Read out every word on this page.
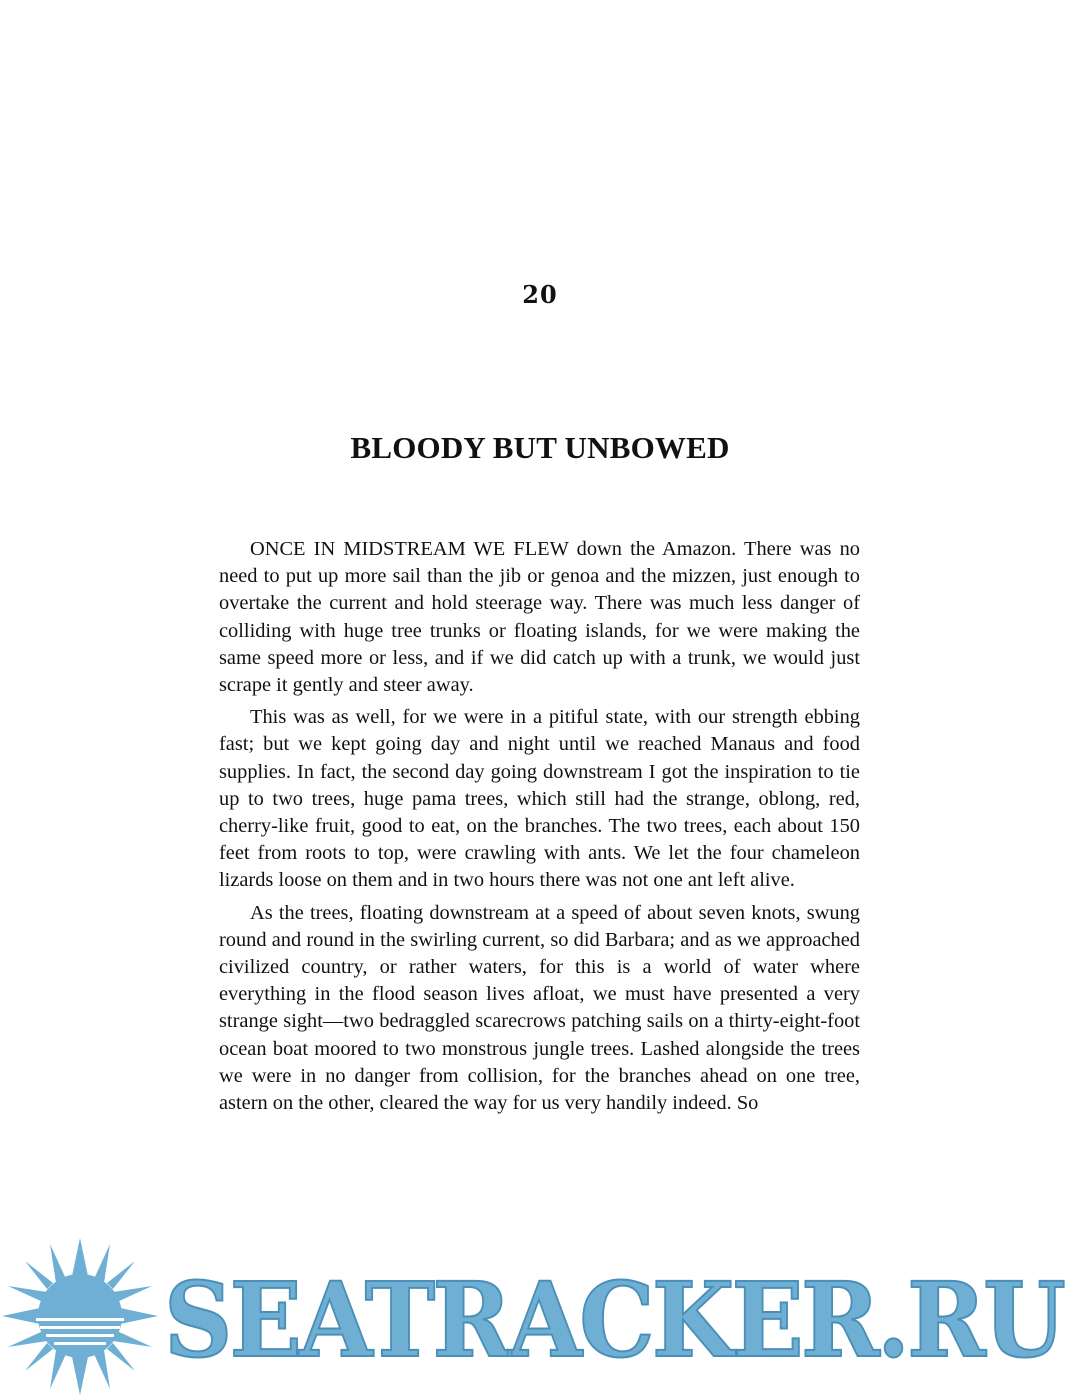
20
BLOODY BUT UNBOWED

ONCE IN MIDSTREAM WE FLEW down the Amazon. There was no need to put up more sail than the jib or genoa and the mizzen, just enough to overtake the current and hold steerage way. There was much less danger of colliding with huge tree trunks or floating islands, for we were making the same speed more or less, and if we did catch up with a trunk, we would just scrape it gently and steer away.

This was as well, for we were in a pitiful state, with our strength ebbing fast; but we kept going day and night until we reached Manaus and food supplies. In fact, the second day going downstream I got the inspiration to tie up to two trees, huge pama trees, which still had the strange, oblong, red, cherry-like fruit, good to eat, on the branches. The two trees, each about 150 feet from roots to top, were crawling with ants. We let the four chameleon lizards loose on them and in two hours there was not one ant left alive.

As the trees, floating downstream at a speed of about seven knots, swung round and round in the swirling current, so did Barbara; and as we approached civilized country, or rather waters, for this is a world of water where everything in the flood season lives afloat, we must have presented a very strange sight—two bedraggled scarecrows patching sails on a thirty-eight-foot ocean boat moored to two monstrous jungle trees. Lashed alongside the trees we were in no danger from collision, for the branches ahead on one tree, astern on the other, cleared the way for us very handily indeed. So

SEATRACKER.RU
